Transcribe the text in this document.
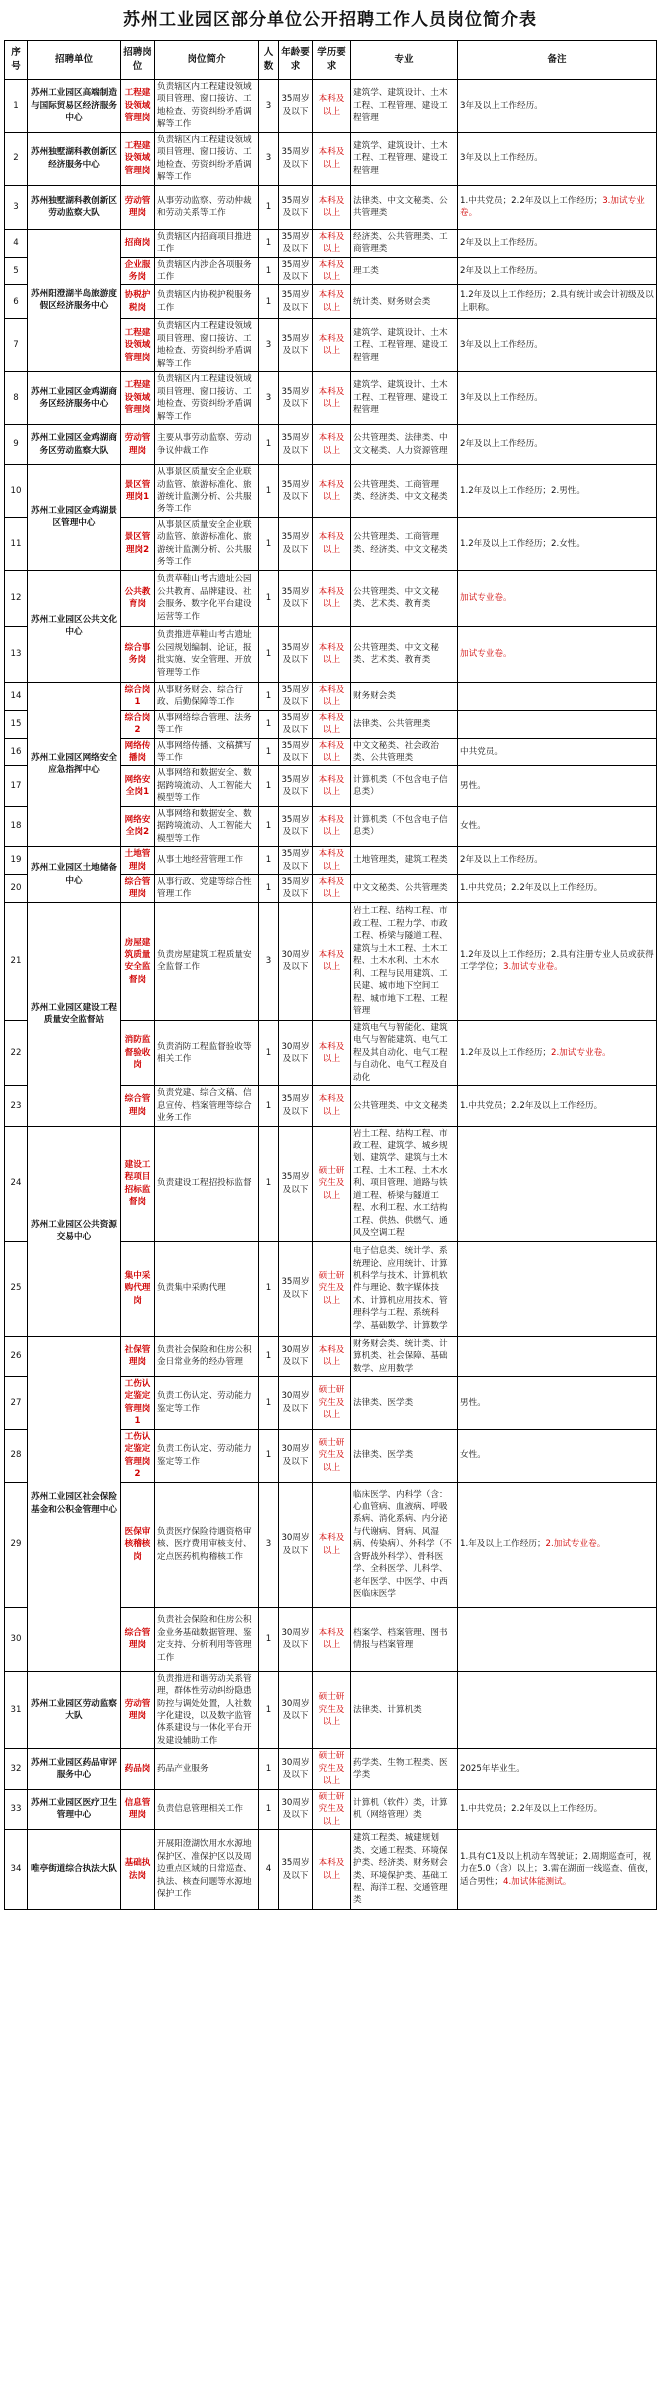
苏州工业园区部分单位公开招聘工作人员岗位简介表
序号	招聘单位	招聘岗位	岗位简介	人数	年龄要求	学历要求	专业	备注
1	苏州工业园区高端制造与国际贸易区经济服务中心	工程建设领域管理岗	负责辖区内工程建设领域项目管理、窗口接访、工地检查、劳资纠纷矛盾调解等工作	3	35周岁及以下	本科及以上	建筑学、建筑设计、土木工程、工程管理、建设工程管理	3年及以上工作经历。
2	苏州独墅湖科教创新区经济服务中心	工程建设领域管理岗	负责辖区内工程建设领域项目管理、窗口接访、工地检查、劳资纠纷矛盾调解等工作	3	35周岁及以下	本科及以上	建筑学、建筑设计、土木工程、工程管理、建设工程管理	3年及以上工作经历。
3	苏州独墅湖科教创新区劳动监察大队	劳动管理岗	从事劳动监察、劳动仲裁和劳动关系等工作	1	35周岁及以下	本科及以上	法律类、中文文秘类、公共管理类	1.中共党员；2.2年及以上工作经历；3.加试专业卷。
4	苏州阳澄湖半岛旅游度假区经济服务中心	招商岗	负责辖区内招商项目推进工作	1	35周岁及以下	本科及以上	经济类、公共管理类、工商管理类	2年及以上工作经历。
5		企业服务岗	负责辖区内涉企各项服务工作	1	35周岁及以下	本科及以上	理工类	2年及以上工作经历。
6		协税护税岗	负责辖区内协税护税服务工作	1	35周岁及以下	本科及以上	统计类、财务财会类	1.2年及以上工作经历；2.具有统计或会计初级及以上职称。
7		工程建设领域管理岗	负责辖区内工程建设领域项目管理、窗口接访、工地检查、劳资纠纷矛盾调解等工作	3	35周岁及以下	本科及以上	建筑学、建筑设计、土木工程、工程管理、建设工程管理	3年及以上工作经历。
8	苏州工业园区金鸡湖商务区经济服务中心	工程建设领域管理岗	负责辖区内工程建设领域项目管理、窗口接访、工地检查、劳资纠纷矛盾调解等工作	3	35周岁及以下	本科及以上	建筑学、建筑设计、土木工程、工程管理、建设工程管理	3年及以上工作经历。
9	苏州工业园区金鸡湖商务区劳动监察大队	劳动管理岗	主要从事劳动监察、劳动争议仲裁工作	1	35周岁及以下	本科及以上	公共管理类、法律类、中文文秘类、人力资源管理	2年及以上工作经历。
10	苏州工业园区金鸡湖景区管理中心	景区管理岗1	从事景区质量安全企业联动监管、旅游标准化、旅游统计监测分析、公共服务等工作	1	35周岁及以下	本科及以上	公共管理类、工商管理类、经济类、中文文秘类	1.2年及以上工作经历；2.男性。
11		景区管理岗2	从事景区质量安全企业联动监管、旅游标准化、旅游统计监测分析、公共服务等工作	1	35周岁及以下	本科及以上	公共管理类、工商管理类、经济类、中文文秘类	1.2年及以上工作经历；2.女性。
12	苏州工业园区公共文化中心	公共教育岗	负责草鞋山考古遗址公园公共教育、品牌建设、社会服务、数字化平台建设运营等工作	1	35周岁及以下	本科及以上	公共管理类、中文文秘类、艺术类、教育类	加试专业卷。
13		综合事务岗	负责推进草鞋山考古遗址公园规划编制、论证，报批实施、安全管理、开放管理等工作	1	35周岁及以下	本科及以上	公共管理类、中文文秘类、艺术类、教育类	加试专业卷。
14	苏州工业园区网络安全应急指挥中心	综合岗1	从事财务财会、综合行政、后勤保障等工作	1	35周岁及以下	本科及以上	财务财会类	
15		综合岗2	从事网络综合管理、法务等工作	1	35周岁及以下	本科及以上	法律类、公共管理类	
16		网络传播岗	从事网络传播、文稿撰写等工作	1	35周岁及以下	本科及以上	中文文秘类、社会政治类、公共管理类	中共党员。
17		网络安全岗1	从事网络和数据安全、数据跨境流动、人工智能大模型等工作	1	35周岁及以下	本科及以上	计算机类（不包含电子信息类）	男性。
18		网络安全岗2	从事网络和数据安全、数据跨境流动、人工智能大模型等工作	1	35周岁及以下	本科及以上	计算机类（不包含电子信息类）	女性。
19	苏州工业园区土地储备中心	土地管理岗	从事土地经营管理工作	1	35周岁及以下	本科及以上	土地管理类，建筑工程类	2年及以上工作经历。
20		综合管理岗	从事行政、党建等综合性管理工作	1	35周岁及以下	本科及以上	中文文秘类、公共管理类	1.中共党员；2.2年及以上工作经历。
21	苏州工业园区建设工程质量安全监督站	房屋建筑质量安全监督岗	负责房屋建筑工程质量安全监督工作	3	30周岁及以下	本科及以上	岩土工程、结构工程、市政工程、工程力学、市政工程、桥梁与隧道工程、建筑与土木工程、土木工程、土木水利、土木水利、工程与民用建筑、工民建、城市地下空间工程、城市地下工程、工程管理	1.2年及以上工作经历；2.具有注册专业人员或获得工学学位；3.加试专业卷。
22		消防监督验收岗	负责消防工程监督验收等相关工作	1	30周岁及以下	本科及以上	建筑电气与智能化、建筑电气与智能建筑、电气工程及其自动化、电气工程与自动化、电气工程及自动化	1.2年及以上工作经历；2.加试专业卷。
23		综合管理岗	负责党建、综合文稿、信息宣传、档案管理等综合业务工作	1	35周岁及以下	本科及以上	公共管理类、中文文秘类	1.中共党员；2.2年及以上工作经历。
24	苏州工业园区公共资源交易中心	建设工程项目招标监督岗	负责建设工程招投标监督	1	35周岁及以下	硕士研究生及以上	岩土工程、结构工程、市政工程、建筑学、城乡规划、建筑学、建筑与土木工程、土木工程、土木水利、项目管理、道路与铁道工程、桥梁与隧道工程、水利工程、水工结构工程、供热、供燃气、通风及空调工程	
25		集中采购代理岗	负责集中采购代理	1	35周岁及以下	硕士研究生及以上	电子信息类、统计学、系统理论、应用统计、计算机科学与技术、计算机软件与理论、数字媒体技术、计算机应用技术、管理科学与工程、系统科学、基础数学、计算数学	
26	苏州工业园区社会保险基金和公积金管理中心	社保管理岗	负责社会保险和住房公积金日常业务的经办管理	1	30周岁及以下	本科及以上	财务财会类、统计类、计算机类、社会保障、基础数学、应用数学	
27		工伤认定鉴定管理岗1	负责工伤认定、劳动能力鉴定等工作	1	30周岁及以下	硕士研究生及以上	法律类、医学类	男性。
28		工伤认定鉴定管理岗2	负责工伤认定、劳动能力鉴定等工作	1	30周岁及以下	硕士研究生及以上	法律类、医学类	女性。
29		医保审核稽核岗	负责医疗保险待遇资格审核、医疗费用审核支付、定点医药机构稽核工作	3	30周岁及以下	本科及以上	临床医学、内科学（含：心血管病、血液病、呼吸系病、消化系病、内分泌与代谢病、肾病、风湿病、传染病）、外科学（不含野战外科学）、骨科医学、全科医学、儿科学、老年医学、中医学、中西医临床医学	1.年及以上工作经历；2.加试专业卷。
30		综合管理岗	负责社会保险和住房公积金业务基础数据管理、鉴定支持、分析利用等管理工作	1	30周岁及以下	本科及以上	档案学、档案管理、图书情报与档案管理	
31	苏州工业园区劳动监察大队	劳动管理岗	负责推进和谐劳动关系管理，群体性劳动纠纷隐患防控与调处处置，人社数字化建设，以及数字监管体系建设与一体化平台开发建设辅助工作	1	30周岁及以下	硕士研究生及以上	法律类、计算机类	
32	苏州工业园区药品审评服务中心	药品岗	药品产业服务	1	30周岁及以下	硕士研究生及以上	药学类、生物工程类、医学类	2025年毕业生。
33	苏州工业园区医疗卫生管理中心	信息管理岗	负责信息管理相关工作	1	30周岁及以下	硕士研究生及以上	计算机（软件）类，计算机（网络管理）类	1.中共党员；2.2年及以上工作经历。
34	唯亭街道综合执法大队	基础执法岗	开展阳澄湖饮用水水源地保护区、准保护区以及周边重点区域的日常巡查、执法、核查问题等水源地保护工作	4	35周岁及以下	本科及以上	建筑工程类、城建规划类、交通工程类、环境保护类、经济类、财务财会类、环境保护类、基础工程、海洋工程、交通管理类	1.具有C1及以上机动车驾驶证；2.周期巡查可，视力在5.0（含）以上；3.需在湖面一线巡查、值夜，适合男性；4.加试体能测试。
